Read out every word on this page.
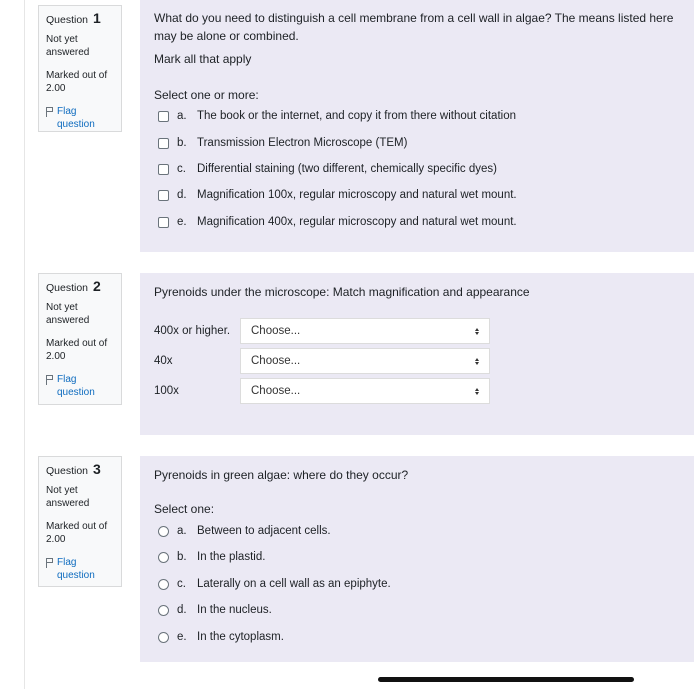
Question 1
Not yet answered
Marked out of 2.00
Flag question

What do you need to distinguish a cell membrane from a cell wall in algae? The means listed here may be alone or combined.

Mark all that apply

Select one or more:

a. The book or the internet, and copy it from there without citation
b. Transmission Electron Microscope (TEM)
c. Differential staining (two different, chemically specific dyes)
d. Magnification 100x, regular microscopy and natural wet mount.
e. Magnification 400x, regular microscopy and natural wet mount.
Question 2
Not yet answered
Marked out of 2.00
Flag question

Pyrenoids under the microscope: Match magnification and appearance

400x or higher.	Choose...
40x	Choose...
100x	Choose...
Question 3
Not yet answered
Marked out of 2.00
Flag question

Pyrenoids in green algae: where do they occur?

Select one:

a. Between to adjacent cells.
b. In the plastid.
c. Laterally on a cell wall as an epiphyte.
d. In the nucleus.
e. In the cytoplasm.
